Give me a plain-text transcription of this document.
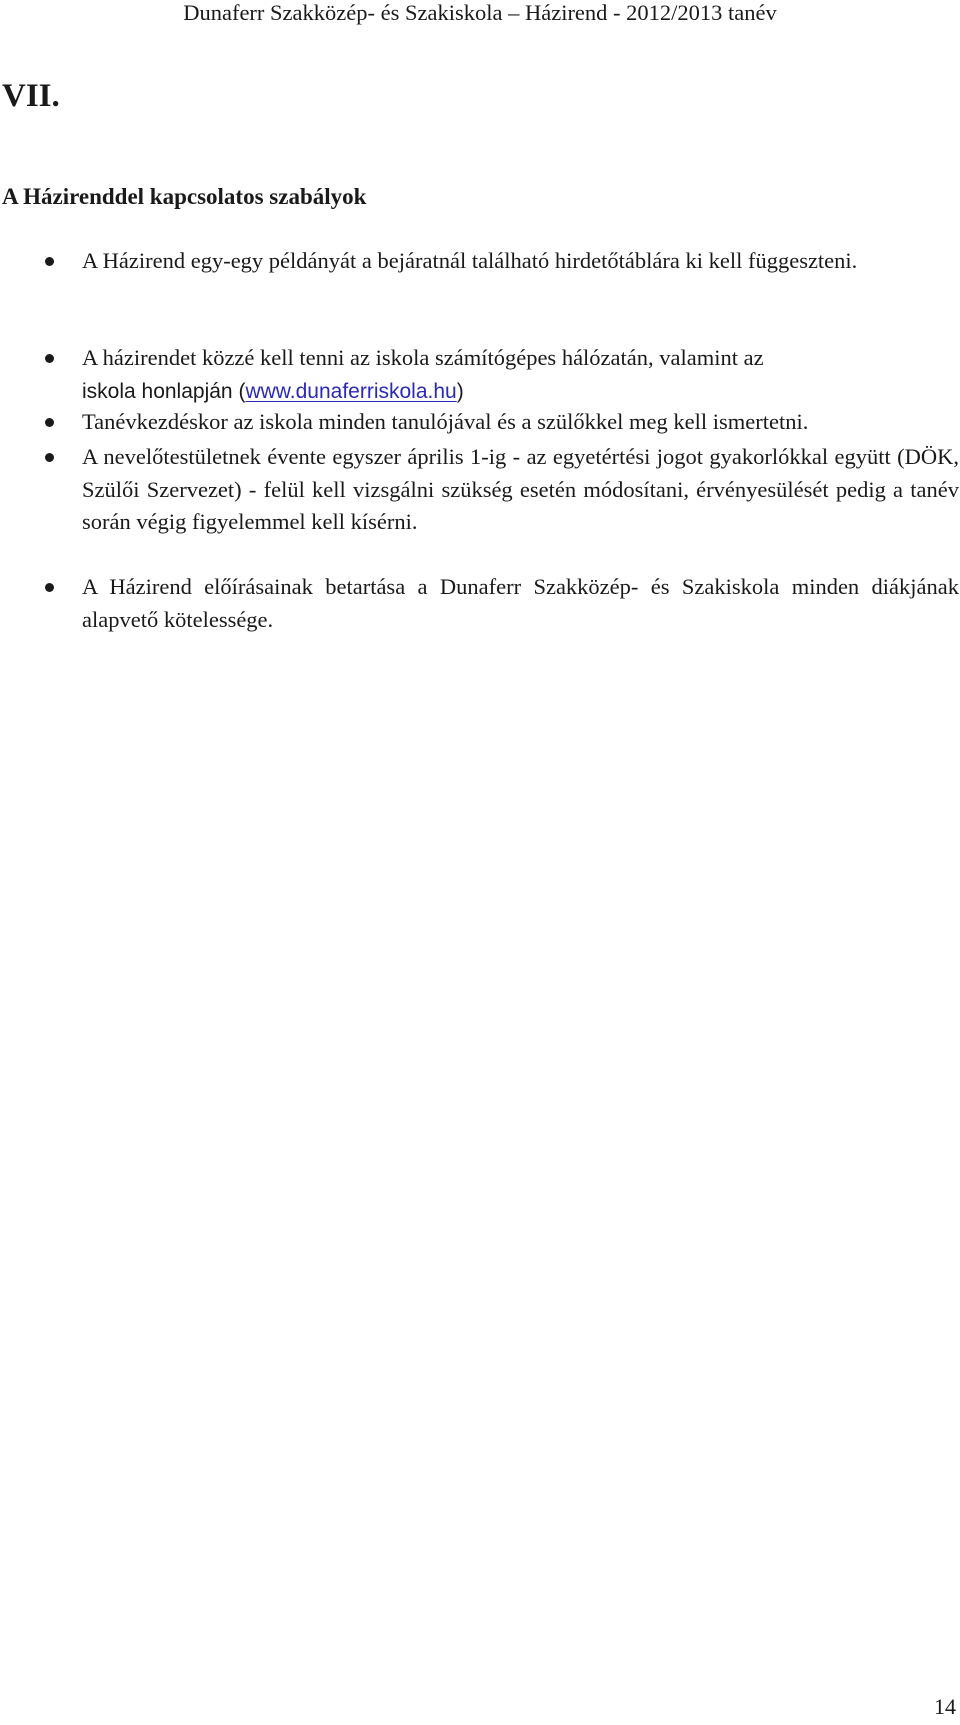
Dunaferr Szakközép- és Szakiskola – Házirend - 2012/2013 tanév
VII.
A Házirenddel kapcsolatos szabályok
A Házirend egy-egy példányát a bejáratnál található hirdetőtáblára ki kell függeszteni.
A házirendet közzé kell tenni az iskola számítógépes hálózatán, valamint az
iskola honlapján (www.dunaferriskola.hu)
Tanévkezdéskor az iskola minden tanulójával és a szülőkkel meg kell ismertetni.
A nevelőtestületnek évente egyszer április 1-ig - az egyetértési jogot gyakorlókkal együtt (DÖK, Szülői Szervezet) - felül kell vizsgálni szükség esetén módosítani, érvényesülését pedig a tanév során végig figyelemmel kell kísérni.
A Házirend előírásainak betartása a Dunaferr Szakközép- és Szakiskola minden diákjának alapvető kötelessége.
14
